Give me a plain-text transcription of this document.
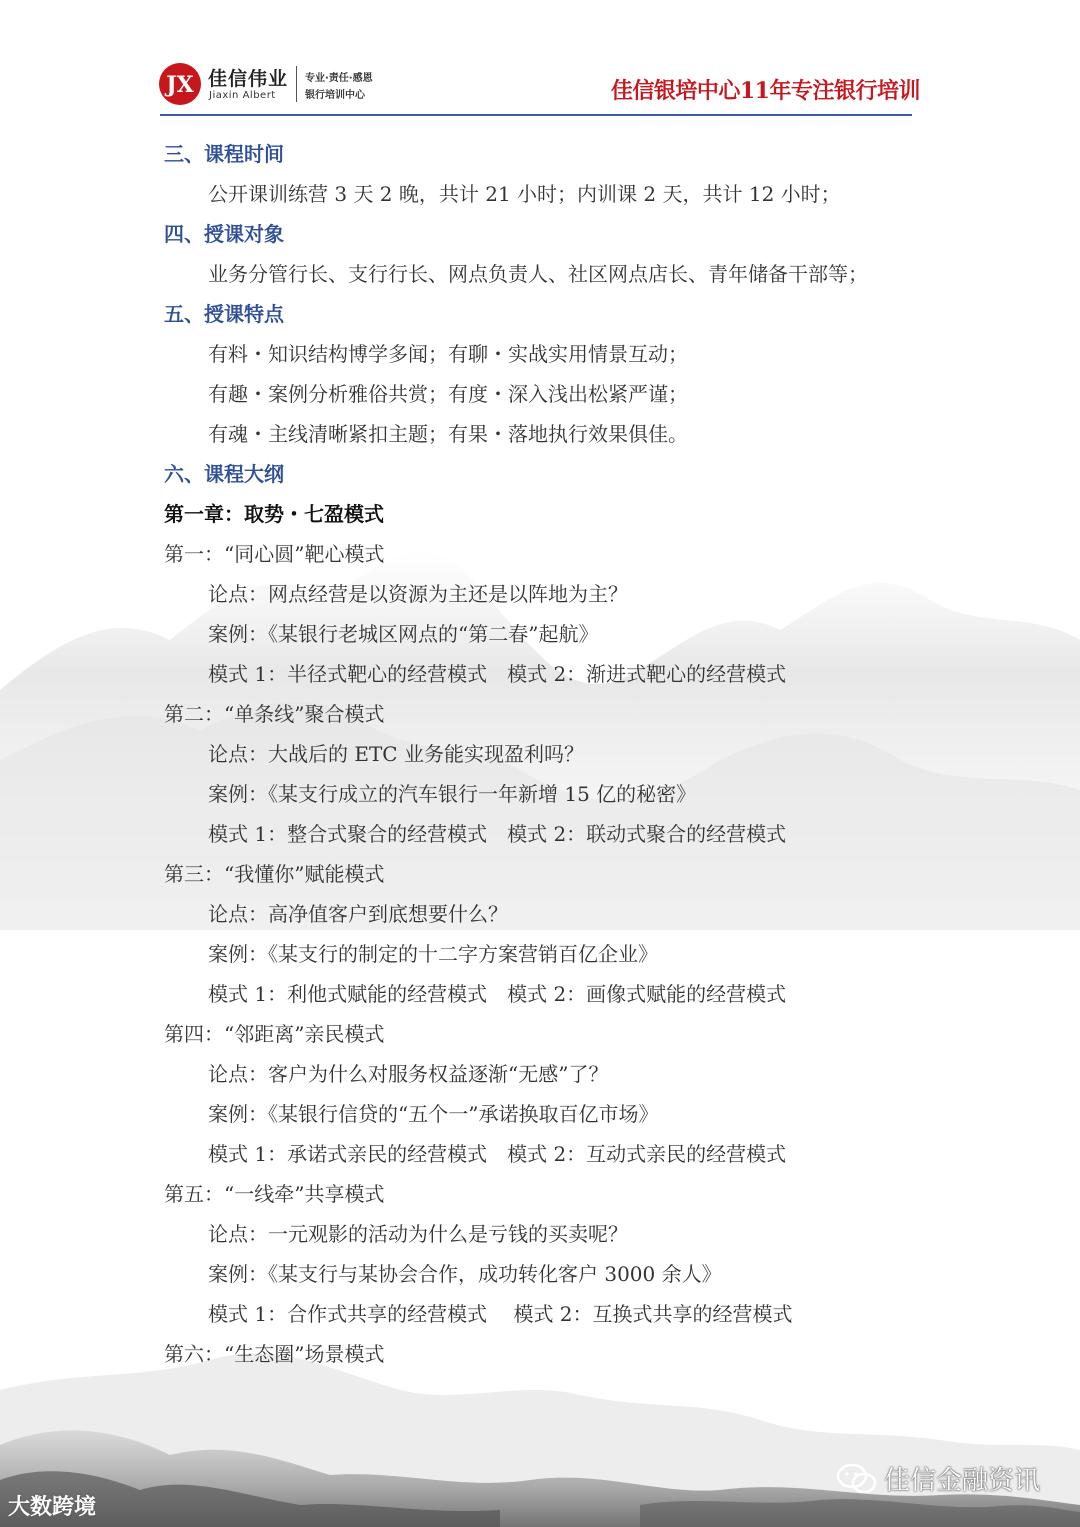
JX 佳信伟业
Jiaxin Albert
专业·责任·感恩
银行培训中心	佳信银培中心11年专注银行培训
三、课程时间
公开课训练营 3 天 2 晚，共计 21 小时；内训课 2 天，共计 12 小时；
四、授课对象
业务分管行长、支行行长、网点负责人、社区网点店长、青年储备干部等；
五、授课特点
有料・知识结构博学多闻；有聊・实战实用情景互动；
有趣・案例分析雅俗共赏；有度・深入浅出松紧严谨；
有魂・主线清晰紧扣主题；有果・落地执行效果俱佳。
六、课程大纲
第一章：取势・七盈模式
第一：“同心圆”靶心模式
论点：网点经营是以资源为主还是以阵地为主？
案例：《某银行老城区网点的“第二春”起航》
模式 1：半径式靶心的经营模式　模式 2：渐进式靶心的经营模式
第二：“单条线”聚合模式
论点：大战后的 ETC 业务能实现盈利吗？
案例：《某支行成立的汽车银行一年新增 15 亿的秘密》
模式 1：整合式聚合的经营模式　模式 2：联动式聚合的经营模式
第三：“我懂你”赋能模式
论点：高净值客户到底想要什么？
案例：《某支行的制定的十二字方案营销百亿企业》
模式 1：利他式赋能的经营模式　模式 2：画像式赋能的经营模式
第四：“邻距离”亲民模式
论点：客户为什么对服务权益逐渐“无感”了？
案例：《某银行信贷的“五个一”承诺换取百亿市场》
模式 1：承诺式亲民的经营模式　模式 2：互动式亲民的经营模式
第五：“一线牵”共享模式
论点：一元观影的活动为什么是亏钱的买卖呢？
案例：《某支行与某协会合作，成功转化客户 3000 余人》
模式 1：合作式共享的经营模式　 模式 2：互换式共享的经营模式
第六：“生态圈”场景模式
大数跨境
佳信金融资讯
